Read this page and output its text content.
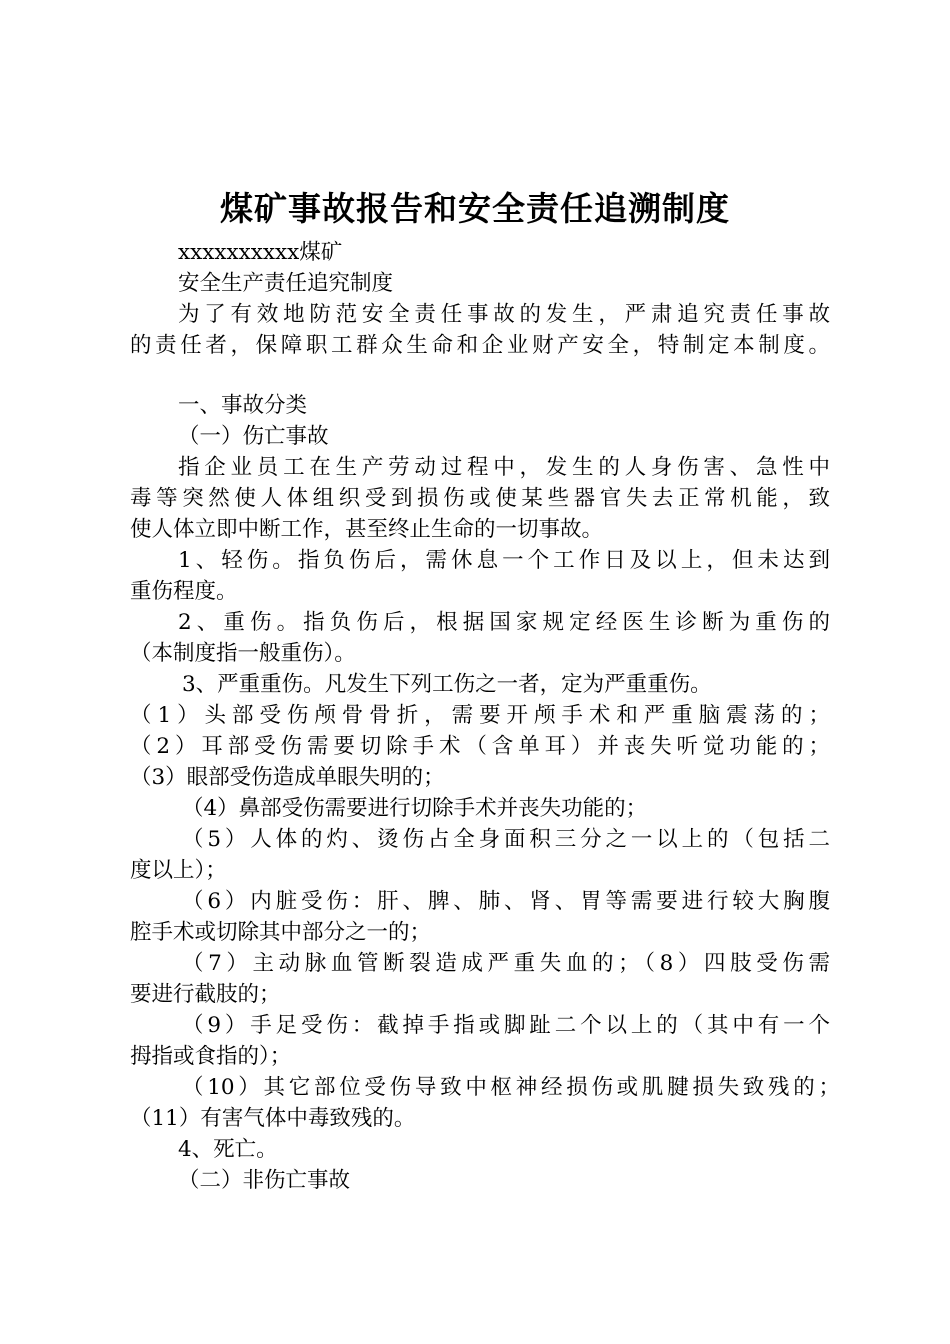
煤矿事故报告和安全责任追溯制度

xxxxxxxxxx煤矿

安全生产责任追究制度

为了有效地防范安全责任事故的发生，严肃追究责任事故

的责任者，保障职工群众生命和企业财产安全，特制定本制度。

一、事故分类

（一）伤亡事故

指企业员工在生产劳动过程中，发生的人身伤害、急性中

毒等突然使人体组织受到损伤或使某些器官失去正常机能，致

使人体立即中断工作，甚至终止生命的一切事故。

1、轻伤。指负伤后，需休息一个工作日及以上，但未达到

重伤程度。

2、重伤。指负伤后，根据国家规定经医生诊断为重伤的

（本制度指一般重伤）。

3、严重重伤。凡发生下列工伤之一者，定为严重重伤。

（1）头部受伤颅骨骨折，需要开颅手术和严重脑震荡的；

（2）耳部受伤需要切除手术（含单耳）并丧失听觉功能的；

（3）眼部受伤造成单眼失明的；

（4）鼻部受伤需要进行切除手术并丧失功能的；

（5）人体的灼、烫伤占全身面积三分之一以上的（包括二

度以上）；

（6）内脏受伤：肝、脾、肺、肾、胃等需要进行较大胸腹

腔手术或切除其中部分之一的；

（7）主动脉血管断裂造成严重失血的；（8）四肢受伤需

要进行截肢的；

（9）手足受伤：截掉手指或脚趾二个以上的（其中有一个

拇指或食指的）；

（10）其它部位受伤导致中枢神经损伤或肌腱损失致残的；

（11）有害气体中毒致残的。

4、死亡。

（二）非伤亡事故
